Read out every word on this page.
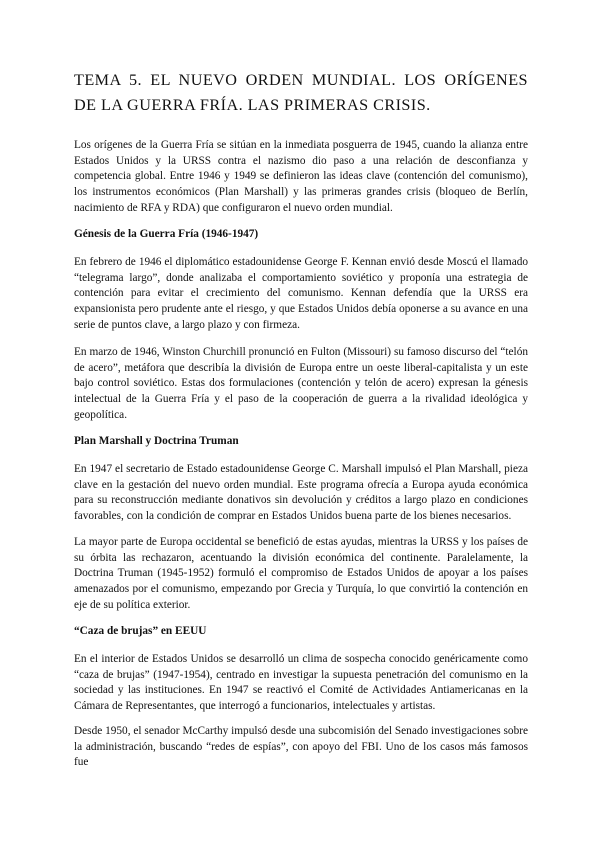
TEMA 5. EL NUEVO ORDEN MUNDIAL. LOS ORÍGENES DE LA GUERRA FRÍA. LAS PRIMERAS CRISIS.

Los orígenes de la Guerra Fría se sitúan en la inmediata posguerra de 1945, cuando la alianza entre Estados Unidos y la URSS contra el nazismo dio paso a una relación de desconfianza y competencia global. Entre 1946 y 1949 se definieron las ideas clave (contención del comunismo), los instrumentos económicos (Plan Marshall) y las primeras grandes crisis (bloqueo de Berlín, nacimiento de RFA y RDA) que configuraron el nuevo orden mundial.

Génesis de la Guerra Fría (1946-1947)

En febrero de 1946 el diplomático estadounidense George F. Kennan envió desde Moscú el llamado “telegrama largo”, donde analizaba el comportamiento soviético y proponía una estrategia de contención para evitar el crecimiento del comunismo. Kennan defendía que la URSS era expansionista pero prudente ante el riesgo, y que Estados Unidos debía oponerse a su avance en una serie de puntos clave, a largo plazo y con firmeza.

En marzo de 1946, Winston Churchill pronunció en Fulton (Missouri) su famoso discurso del “telón de acero”, metáfora que describía la división de Europa entre un oeste liberal-capitalista y un este bajo control soviético. Estas dos formulaciones (contención y telón de acero) expresan la génesis intelectual de la Guerra Fría y el paso de la cooperación de guerra a la rivalidad ideológica y geopolítica.

Plan Marshall y Doctrina Truman

En 1947 el secretario de Estado estadounidense George C. Marshall impulsó el Plan Marshall, pieza clave en la gestación del nuevo orden mundial. Este programa ofrecía a Europa ayuda económica para su reconstrucción mediante donativos sin devolución y créditos a largo plazo en condiciones favorables, con la condición de comprar en Estados Unidos buena parte de los bienes necesarios.

La mayor parte de Europa occidental se benefició de estas ayudas, mientras la URSS y los países de su órbita las rechazaron, acentuando la división económica del continente. Paralelamente, la Doctrina Truman (1945-1952) formuló el compromiso de Estados Unidos de apoyar a los países amenazados por el comunismo, empezando por Grecia y Turquía, lo que convirtió la contención en eje de su política exterior.

“Caza de brujas” en EEUU

En el interior de Estados Unidos se desarrolló un clima de sospecha conocido genéricamente como “caza de brujas” (1947-1954), centrado en investigar la supuesta penetración del comunismo en la sociedad y las instituciones. En 1947 se reactivó el Comité de Actividades Antiamericanas en la Cámara de Representantes, que interrogó a funcionarios, intelectuales y artistas.

Desde 1950, el senador McCarthy impulsó desde una subcomisión del Senado investigaciones sobre la administración, buscando “redes de espías”, con apoyo del FBI. Uno de los casos más famosos fue
